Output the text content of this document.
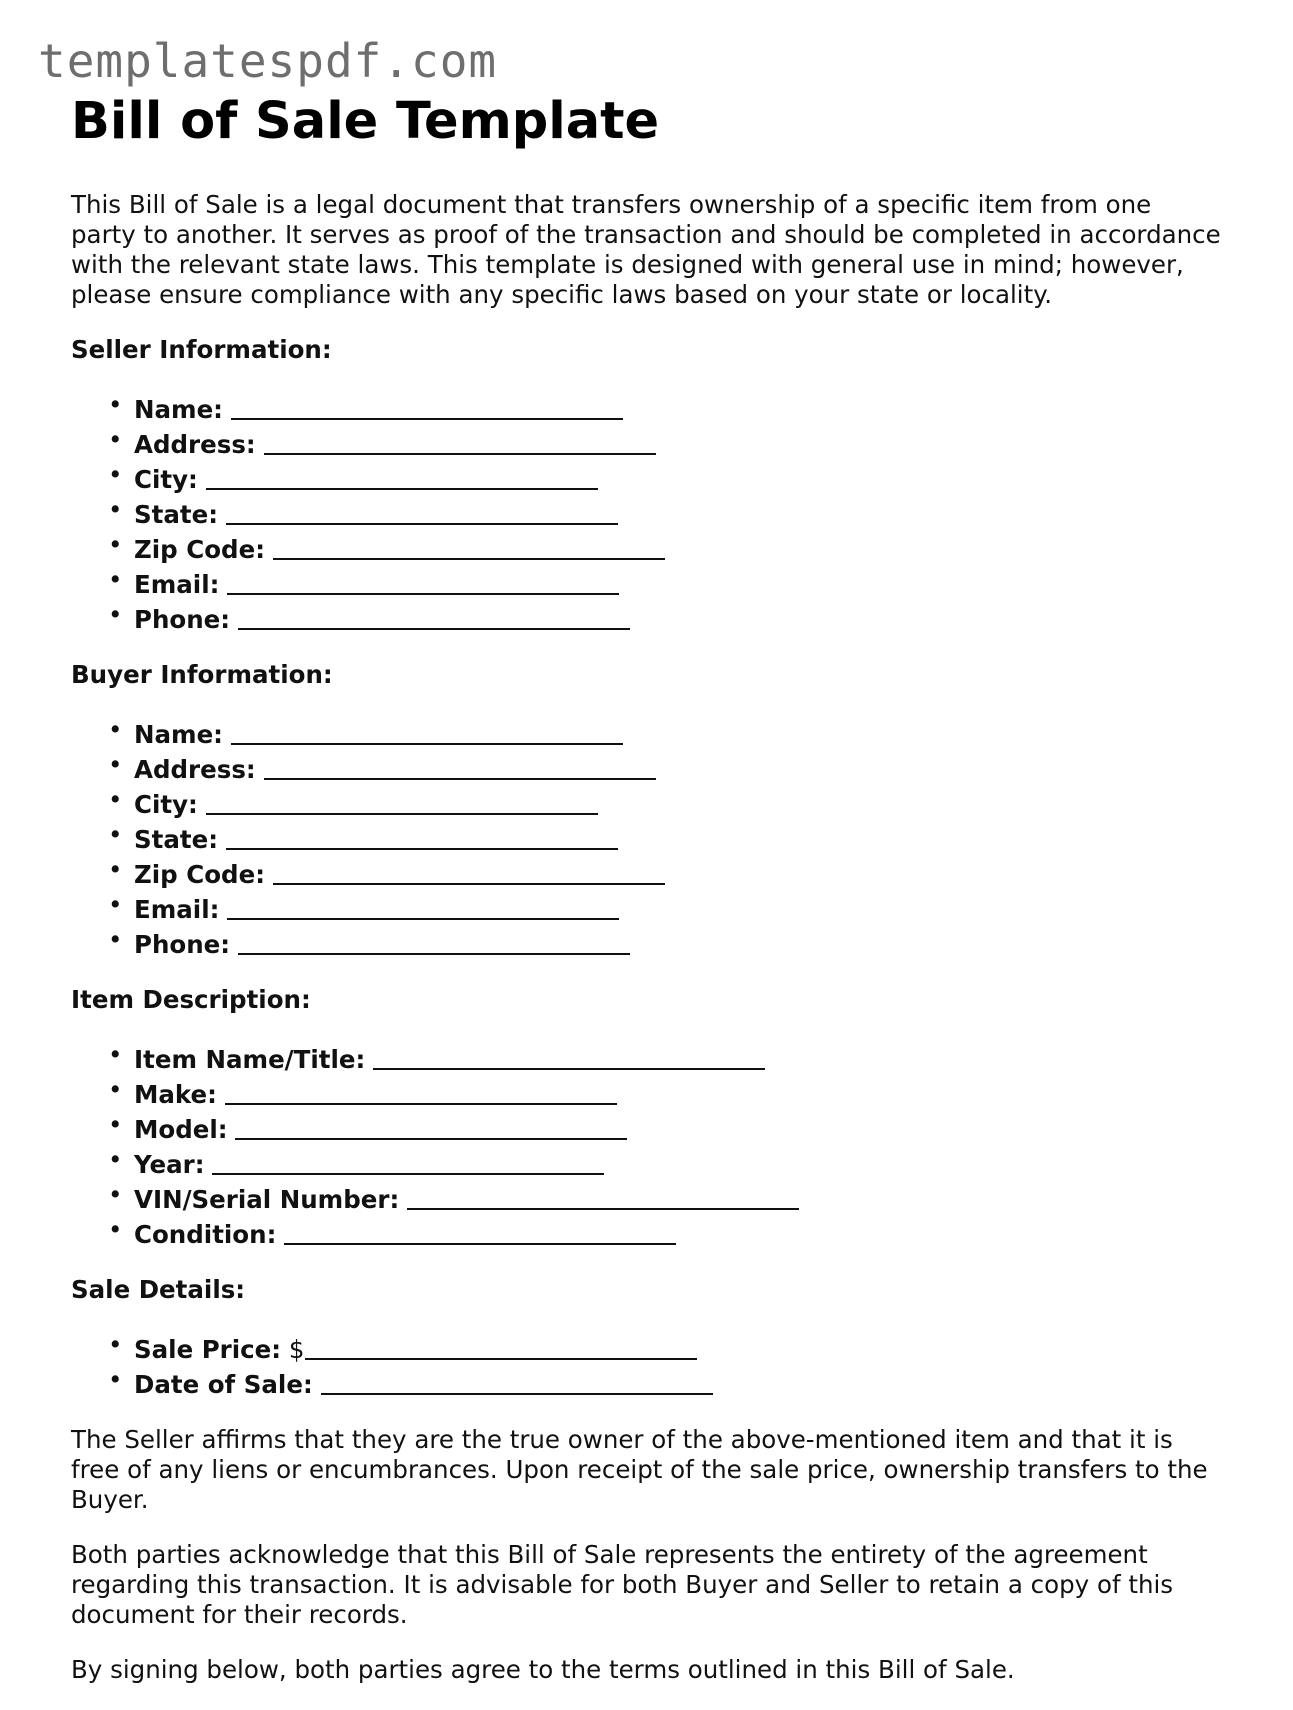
templatespdf.com
Bill of Sale Template

This Bill of Sale is a legal document that transfers ownership of a specific item from one party to another. It serves as proof of the transaction and should be completed in accordance with the relevant state laws. This template is designed with general use in mind; however, please ensure compliance with any specific laws based on your state or locality.

Seller Information:
• Name:
• Address:
• City:
• State:
• Zip Code:
• Email:
• Phone:
Buyer Information:
• Name:
• Address:
• City:
• State:
• Zip Code:
• Email:
• Phone:
Item Description:
• Item Name/Title:
• Make:
• Model:
• Year:
• VIN/Serial Number:
• Condition:
Sale Details:
• Sale Price: $
• Date of Sale:

The Seller affirms that they are the true owner of the above-mentioned item and that it is free of any liens or encumbrances. Upon receipt of the sale price, ownership transfers to the Buyer.

Both parties acknowledge that this Bill of Sale represents the entirety of the agreement regarding this transaction. It is advisable for both Buyer and Seller to retain a copy of this document for their records.

By signing below, both parties agree to the terms outlined in this Bill of Sale.
